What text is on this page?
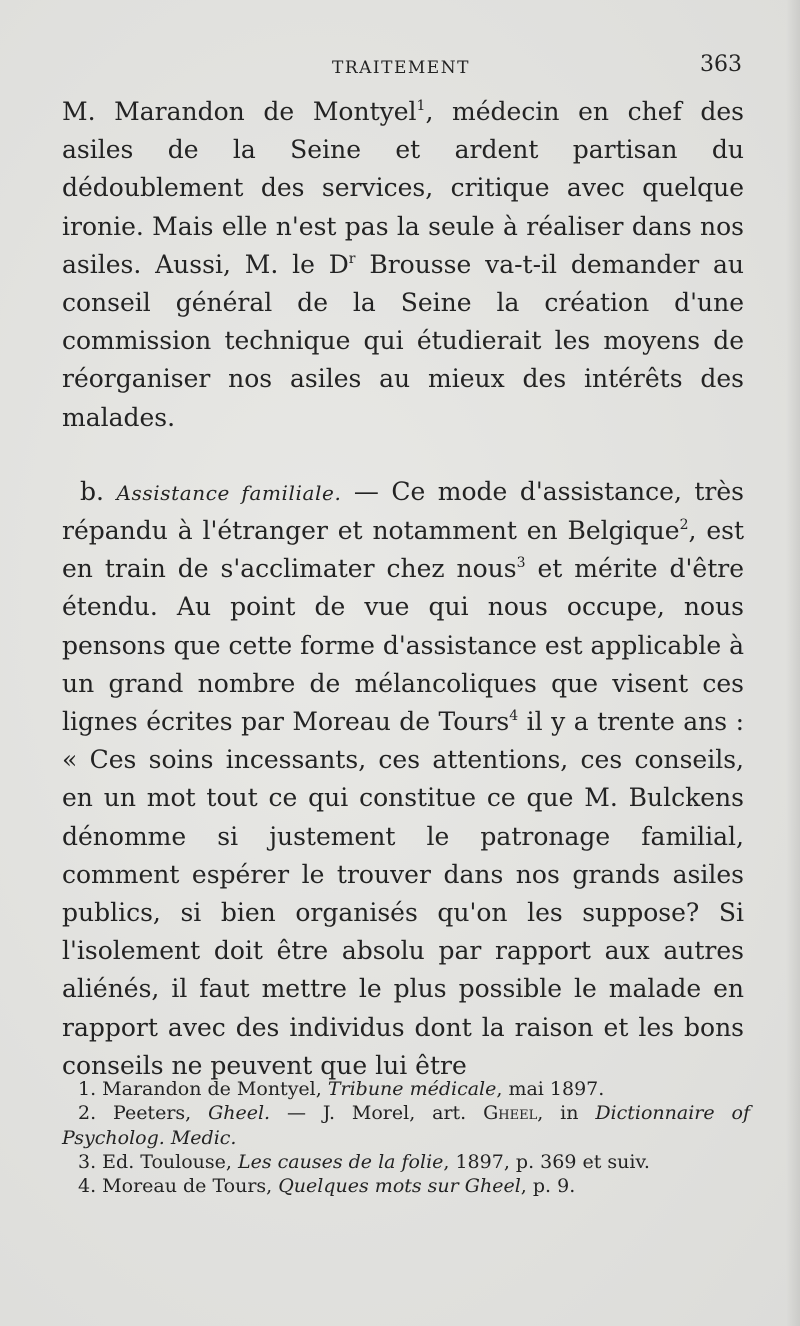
TRAITEMENT	363

M. Marandon de Montyel$^1$, médecin en chef des asiles de la Seine et ardent partisan du dédoublement des services, critique avec quelque ironie. Mais elle n'est pas la seule à réaliser dans nos asiles. Aussi, M. le $D^r$ Brousse va-t-il demander au conseil général de la Seine la création d'une commission technique qui étudierait les moyens de réorganiser nos asiles au mieux des intérêts des malades.

b. Assistance familiale. — Ce mode d'assistance, très répandu à l'étranger et notamment en Belgique$^2$, est en train de s'acclimater chez nous$^3$ et mérite d'être étendu. Au point de vue qui nous occupe, nous pensons que cette forme d'assistance est applicable à un grand nombre de mélancoliques que visent ces lignes écrites par Moreau de Tours$^4$ il y a trente ans : « Ces soins incessants, ces attentions, ces conseils, en un mot tout ce qui constitue ce que M. Bulckens dénomme si justement le patronage familial, comment espérer le trouver dans nos grands asiles publics, si bien organisés qu'on les suppose? Si l'isolement doit être absolu par rapport aux autres aliénés, il faut mettre le plus possible le malade en rapport avec des individus dont la raison et les bons conseils ne peuvent que lui être

1. Marandon de Montyel, Tribune médicale, mai 1897.

2. Peeters, Gheel. — J. Morel, art. Gheel, in Dictionnaire of Psycholog. Medic.

3. Ed. Toulouse, Les causes de la folie, 1897, p. 369 et suiv.

4. Moreau de Tours, Quelques mots sur Gheel, p. 9.
